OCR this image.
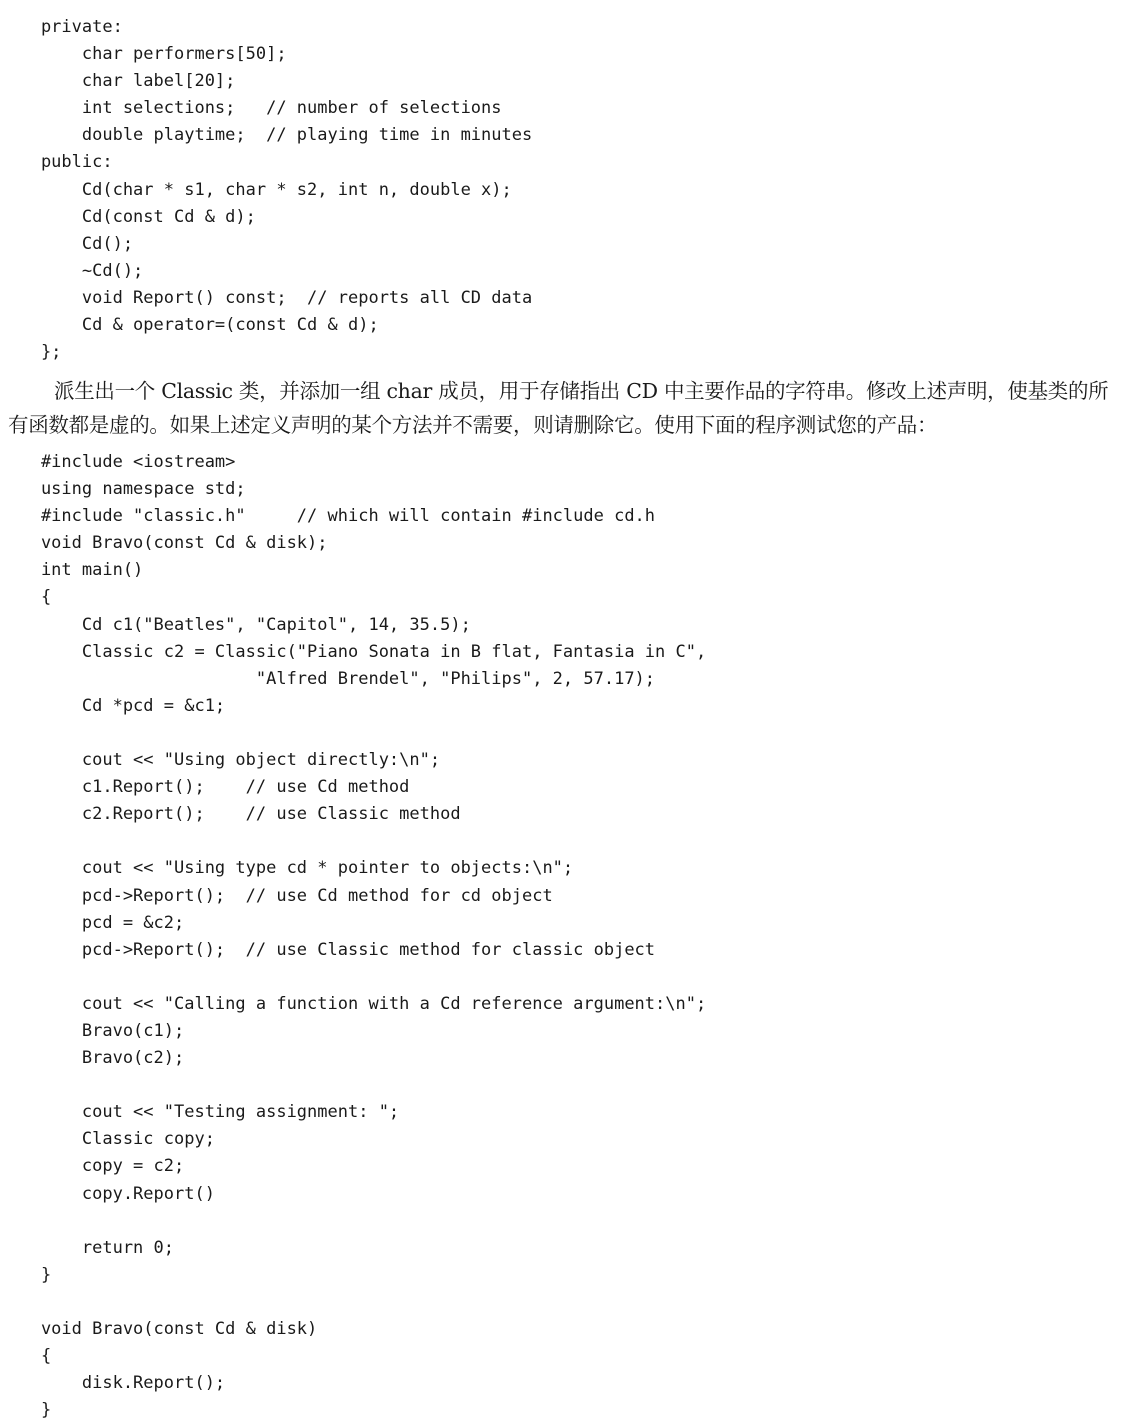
private:
char performers[50];
char label[20];
int selections;   // number of selections
double playtime;  // playing time in minutes
public:
Cd(char * s1, char * s2, int n, double x);
Cd(const Cd & d);
Cd();
~Cd();
void Report() const;  // reports all CD data
Cd & operator=(const Cd & d);
};

派生出一个 Classic 类，并添加一组 char 成员，用于存储指出 CD 中主要作品的字符串。修改上述声明，使基类的所有函数都是虚的。如果上述定义声明的某个方法并不需要，则请删除它。使用下面的程序测试您的产品：

#include <iostream>
using namespace std;
#include "classic.h"     // which will contain #include cd.h
void Bravo(const Cd & disk);
int main()
{
Cd c1("Beatles", "Capitol", 14, 35.5);
Classic c2 = Classic("Piano Sonata in B flat, Fantasia in C",
"Alfred Brendel", "Philips", 2, 57.17);
Cd *pcd = &c1;
cout << "Using object directly:\n";
c1.Report();    // use Cd method
c2.Report();    // use Classic method
cout << "Using type cd * pointer to objects:\n";
pcd->Report();  // use Cd method for cd object
pcd = &c2;
pcd->Report();  // use Classic method for classic object
cout << "Calling a function with a Cd reference argument:\n";
Bravo(c1);
Bravo(c2);
cout << "Testing assignment: ";
Classic copy;
copy = c2;
copy.Report()
return 0;
}
void Bravo(const Cd & disk)
{
disk.Report();
}
